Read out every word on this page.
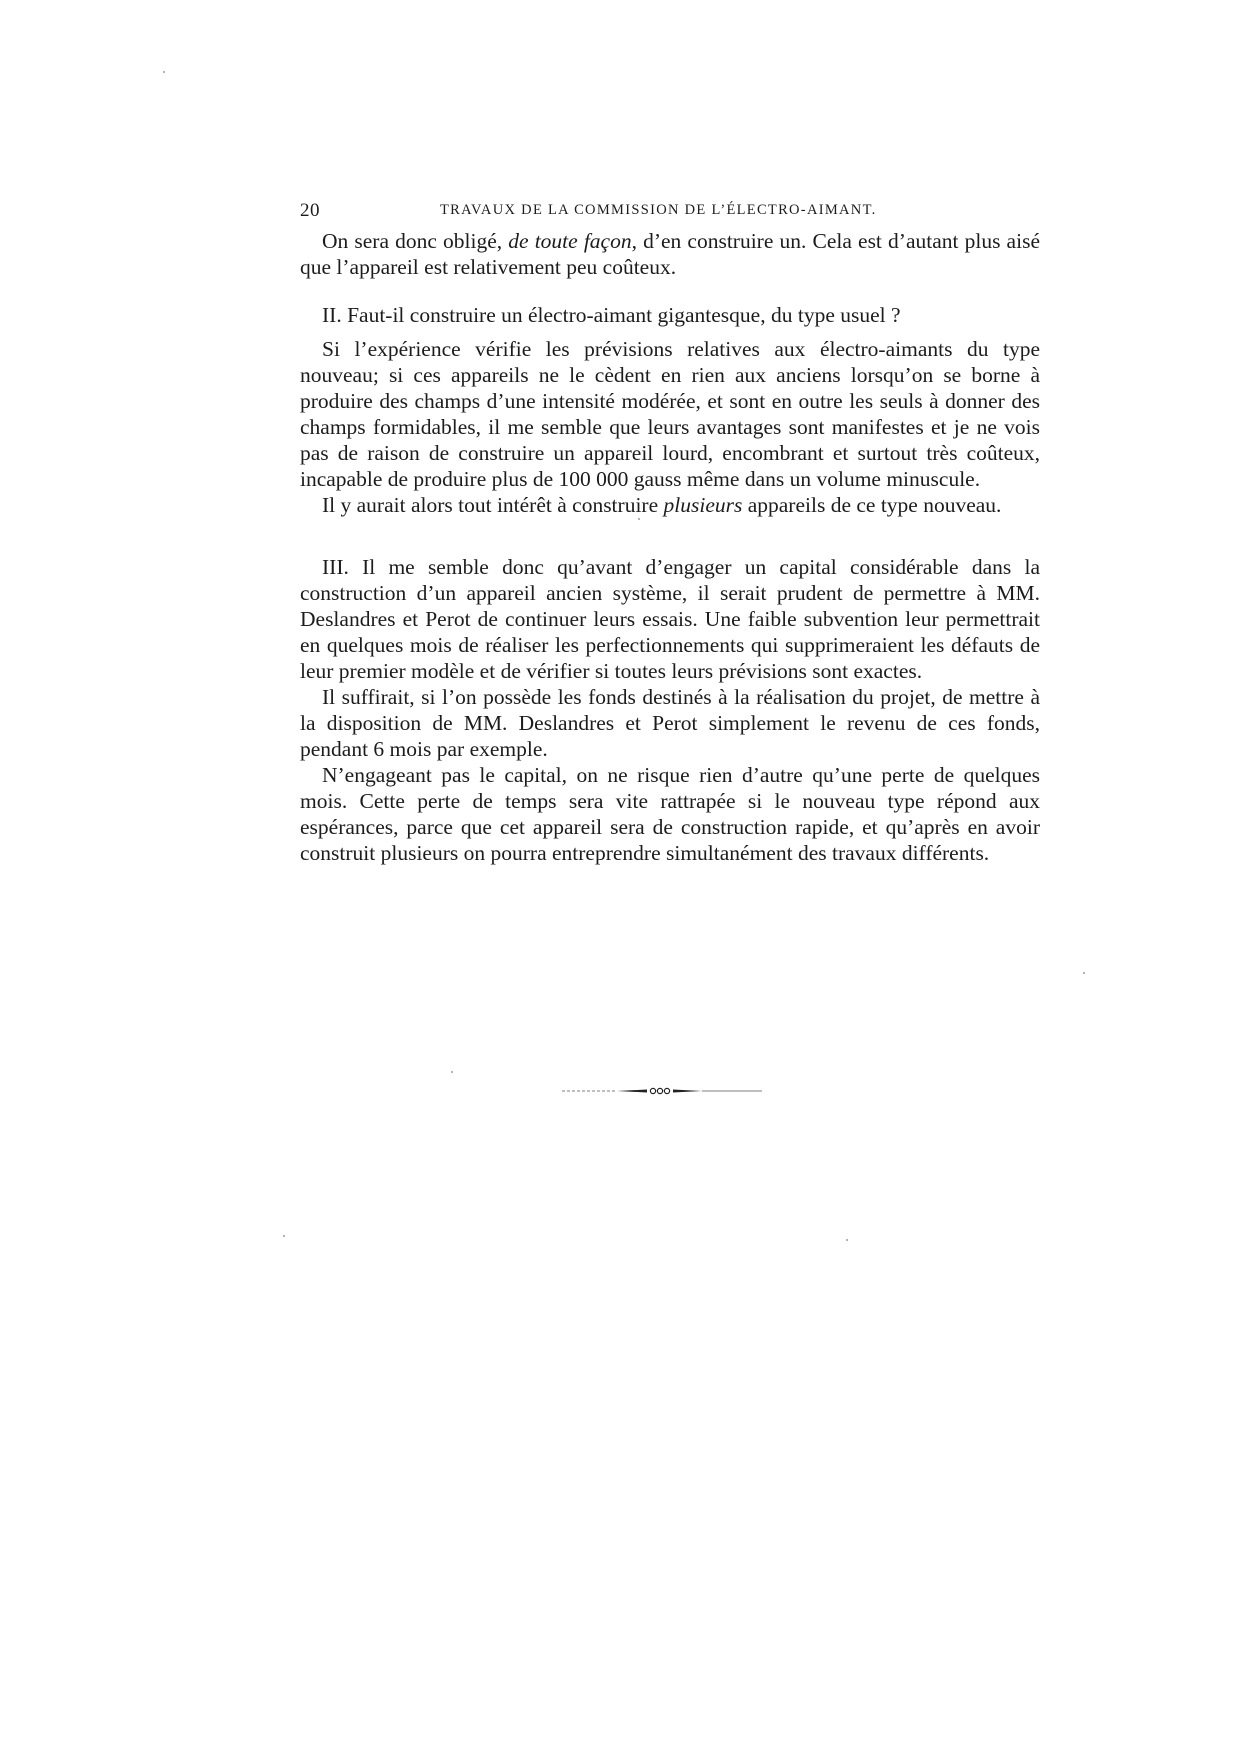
20	TRAVAUX DE LA COMMISSION DE L’ÉLECTRO-AIMANT.

On sera donc obligé, de toute façon, d’en construire un. Cela est d’autant plus aisé que l’appareil est relativement peu coûteux.

II. Faut-il construire un électro-aimant gigantesque, du type usuel ?

Si l’expérience vérifie les prévisions relatives aux électro-aimants du type nouveau; si ces appareils ne le cèdent en rien aux anciens lorsqu’on se borne à produire des champs d’une intensité modérée, et sont en outre les seuls à donner des champs formidables, il me semble que leurs avantages sont manifestes et je ne vois pas de raison de construire un appareil lourd, encombrant et surtout très coûteux, incapable de produire plus de 100 000 gauss même dans un volume minuscule.

Il y aurait alors tout intérêt à construire plusieurs appareils de ce type nouveau.

III. Il me semble donc qu’avant d’engager un capital considérable dans la construction d’un appareil ancien système, il serait prudent de permettre à MM. Deslandres et Perot de continuer leurs essais. Une faible subvention leur permettrait en quelques mois de réaliser les perfectionnements qui supprimeraient les défauts de leur premier modèle et de vérifier si toutes leurs prévisions sont exactes.

Il suffirait, si l’on possède les fonds destinés à la réalisation du projet, de mettre à la disposition de MM. Deslandres et Perot simplement le revenu de ces fonds, pendant 6 mois par exemple.

N’engageant pas le capital, on ne risque rien d’autre qu’une perte de quelques mois. Cette perte de temps sera vite rattrapée si le nouveau type répond aux espérances, parce que cet appareil sera de construction rapide, et qu’après en avoir construit plusieurs on pourra entreprendre simultanément des travaux différents.
